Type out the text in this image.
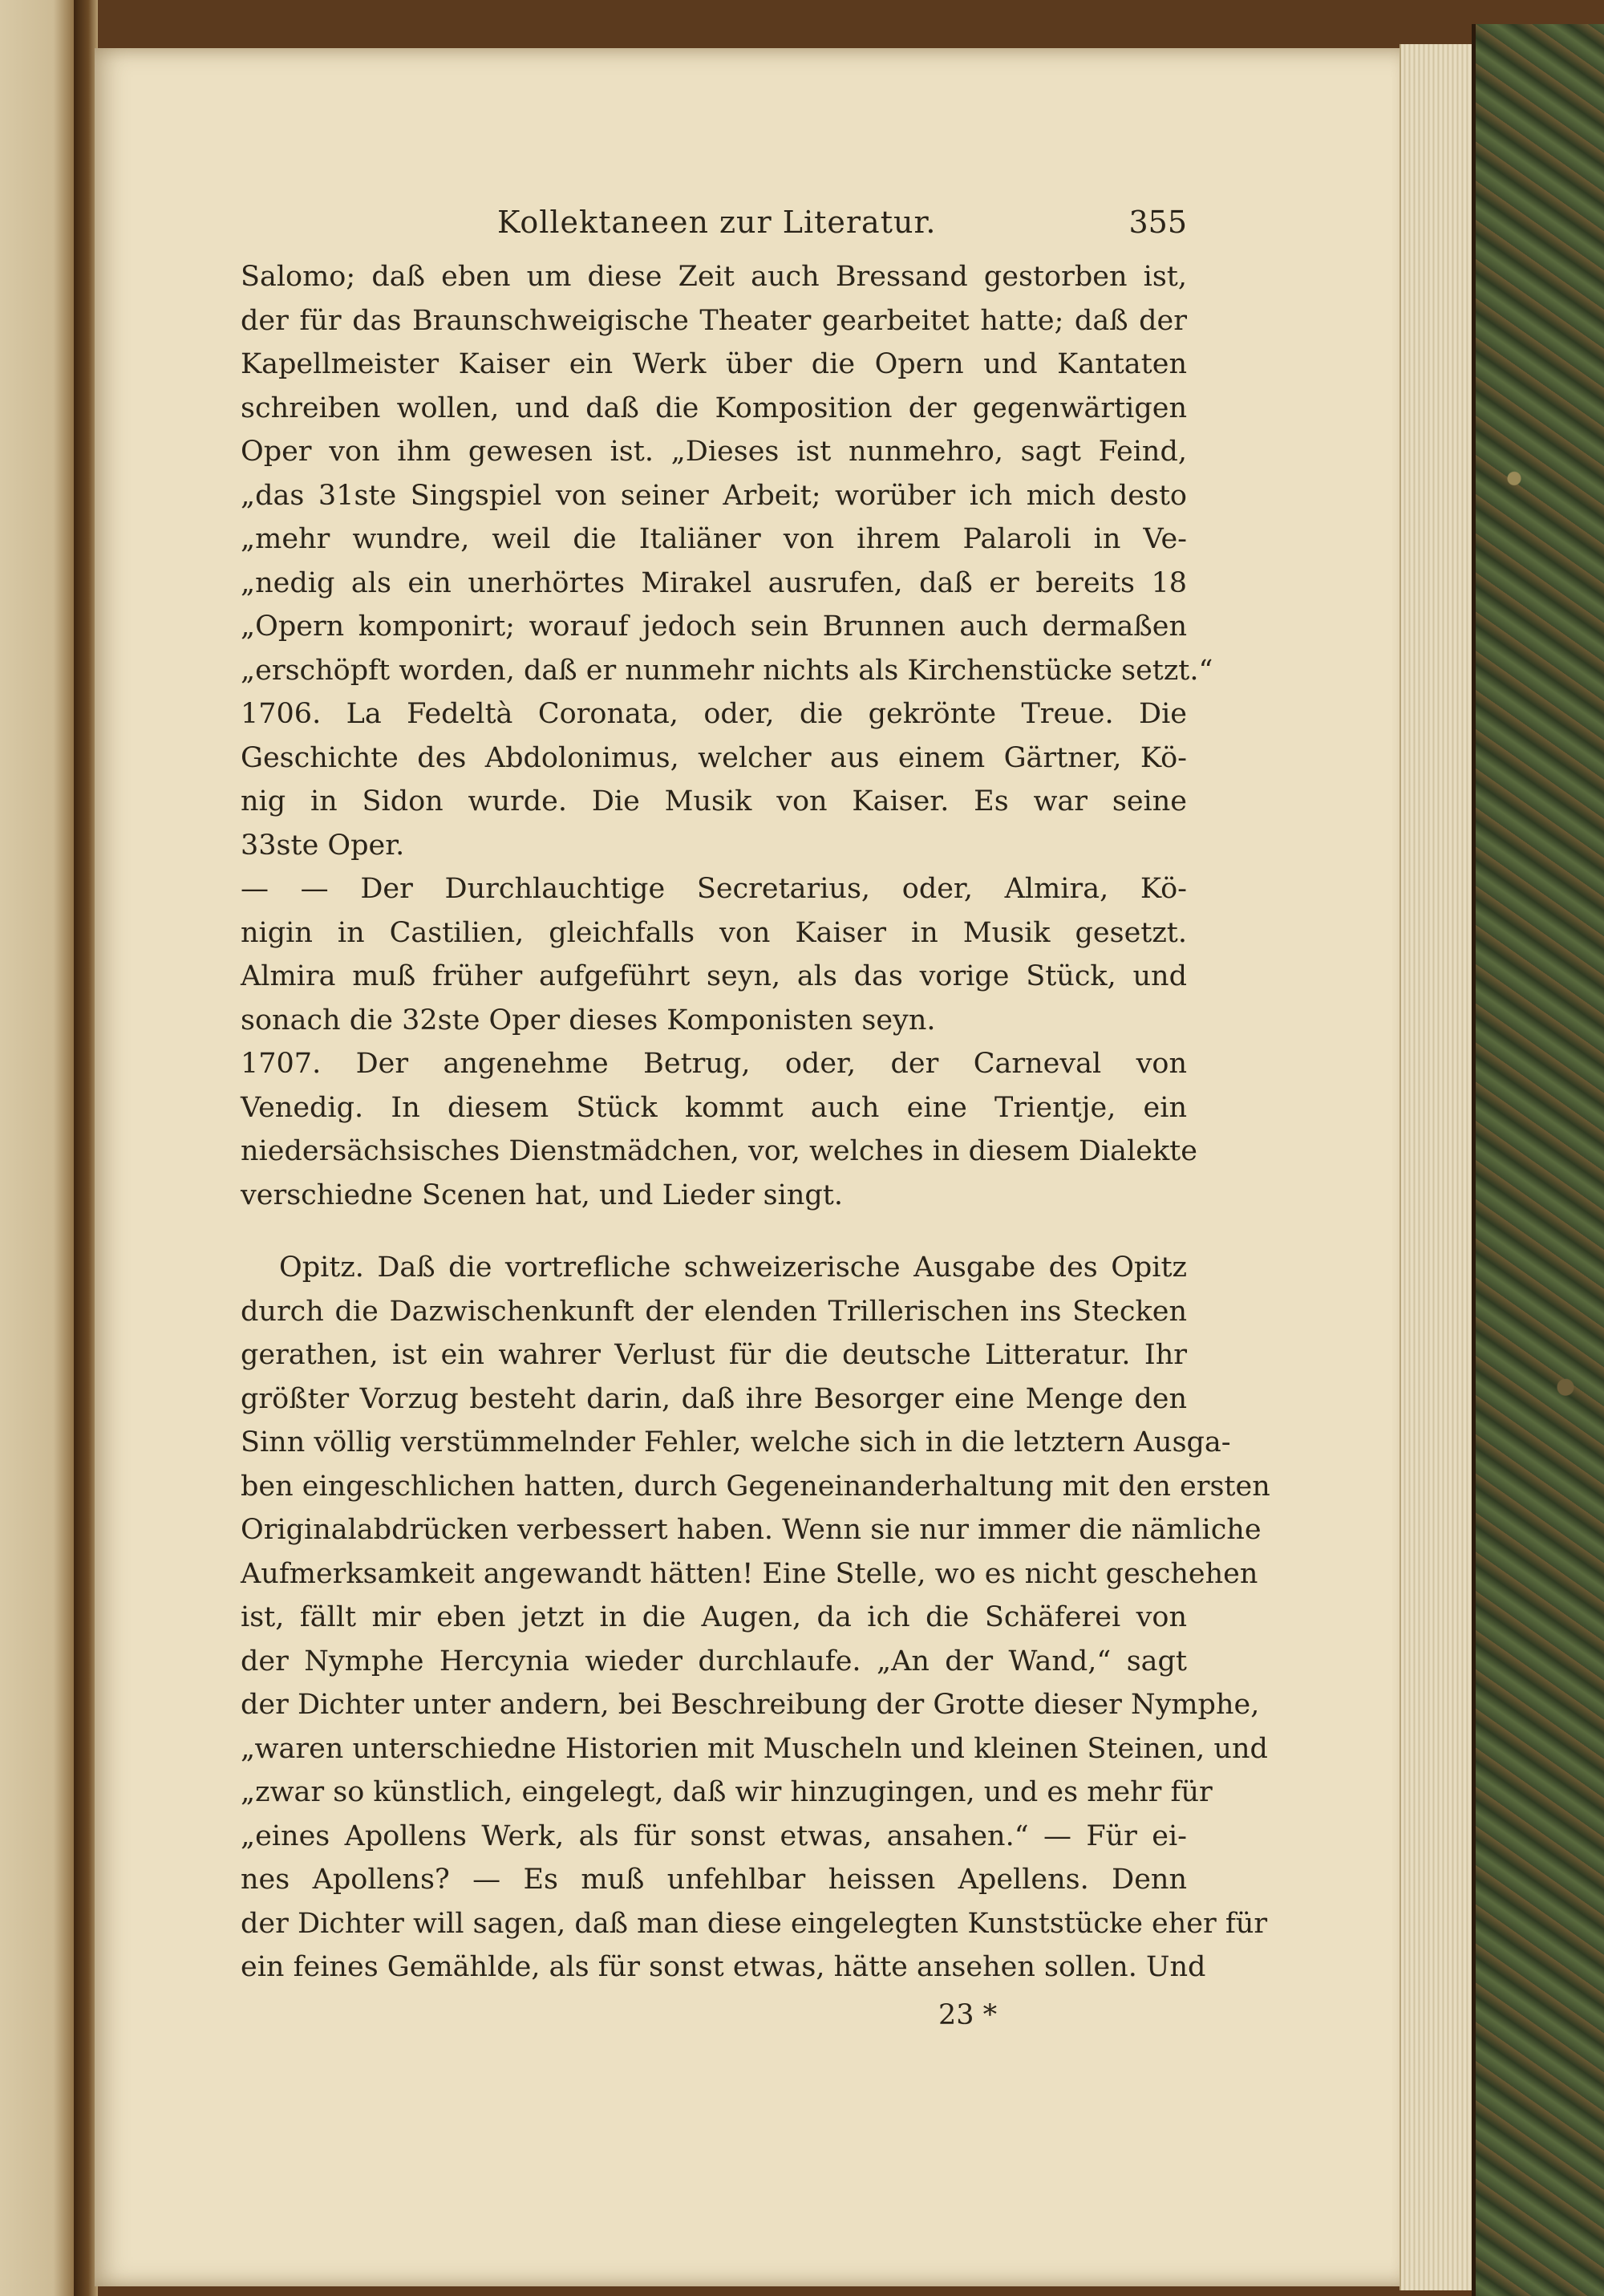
Kollektaneen zur Literatur.	355
Salomo; daß eben um diese Zeit auch Bressand gestorben ist,
der für das Braunschweigische Theater gearbeitet hatte; daß der
Kapellmeister Kaiser ein Werk über die Opern und Kantaten
schreiben wollen, und daß die Komposition der gegenwärtigen
Oper von ihm gewesen ist. „Dieses ist nunmehro, sagt Feind,
„das 31ste Singspiel von seiner Arbeit; worüber ich mich desto
„mehr wundre, weil die Italiäner von ihrem Palaroli in Ve-
„nedig als ein unerhörtes Mirakel ausrufen, daß er bereits 18
„Opern komponirt; worauf jedoch sein Brunnen auch dermaßen
„erschöpft worden, daß er nunmehr nichts als Kirchenstücke setzt.“
1706. La Fedeltà Coronata, oder, die gekrönte Treue. Die
Geschichte des Abdolonimus, welcher aus einem Gärtner, Kö-
nig in Sidon wurde. Die Musik von Kaiser. Es war seine
33ste Oper.
— — Der Durchlauchtige Secretarius, oder, Almira, Kö-
nigin in Castilien, gleichfalls von Kaiser in Musik gesetzt.
Almira muß früher aufgeführt seyn, als das vorige Stück, und
sonach die 32ste Oper dieses Komponisten seyn.
1707. Der angenehme Betrug, oder, der Carneval von
Venedig. In diesem Stück kommt auch eine Trientje, ein
niedersächsisches Dienstmädchen, vor, welches in diesem Dialekte
verschiedne Scenen hat, und Lieder singt.
Opitz. Daß die vortrefliche schweizerische Ausgabe des Opitz
durch die Dazwischenkunft der elenden Trillerischen ins Stecken
gerathen, ist ein wahrer Verlust für die deutsche Litteratur. Ihr
größter Vorzug besteht darin, daß ihre Besorger eine Menge den
Sinn völlig verstümmelnder Fehler, welche sich in die letztern Ausga-
ben eingeschlichen hatten, durch Gegeneinanderhaltung mit den ersten
Originalabdrücken verbessert haben. Wenn sie nur immer die nämliche
Aufmerksamkeit angewandt hätten! Eine Stelle, wo es nicht geschehen
ist, fällt mir eben jetzt in die Augen, da ich die Schäferei von
der Nymphe Hercynia wieder durchlaufe. „An der Wand,“ sagt
der Dichter unter andern, bei Beschreibung der Grotte dieser Nymphe,
„waren unterschiedne Historien mit Muscheln und kleinen Steinen, und
„zwar so künstlich, eingelegt, daß wir hinzugingen, und es mehr für
„eines Apollens Werk, als für sonst etwas, ansahen.“ — Für ei-
nes Apollens? — Es muß unfehlbar heissen Apellens. Denn
der Dichter will sagen, daß man diese eingelegten Kunststücke eher für
ein feines Gemählde, als für sonst etwas, hätte ansehen sollen. Und
23 *
